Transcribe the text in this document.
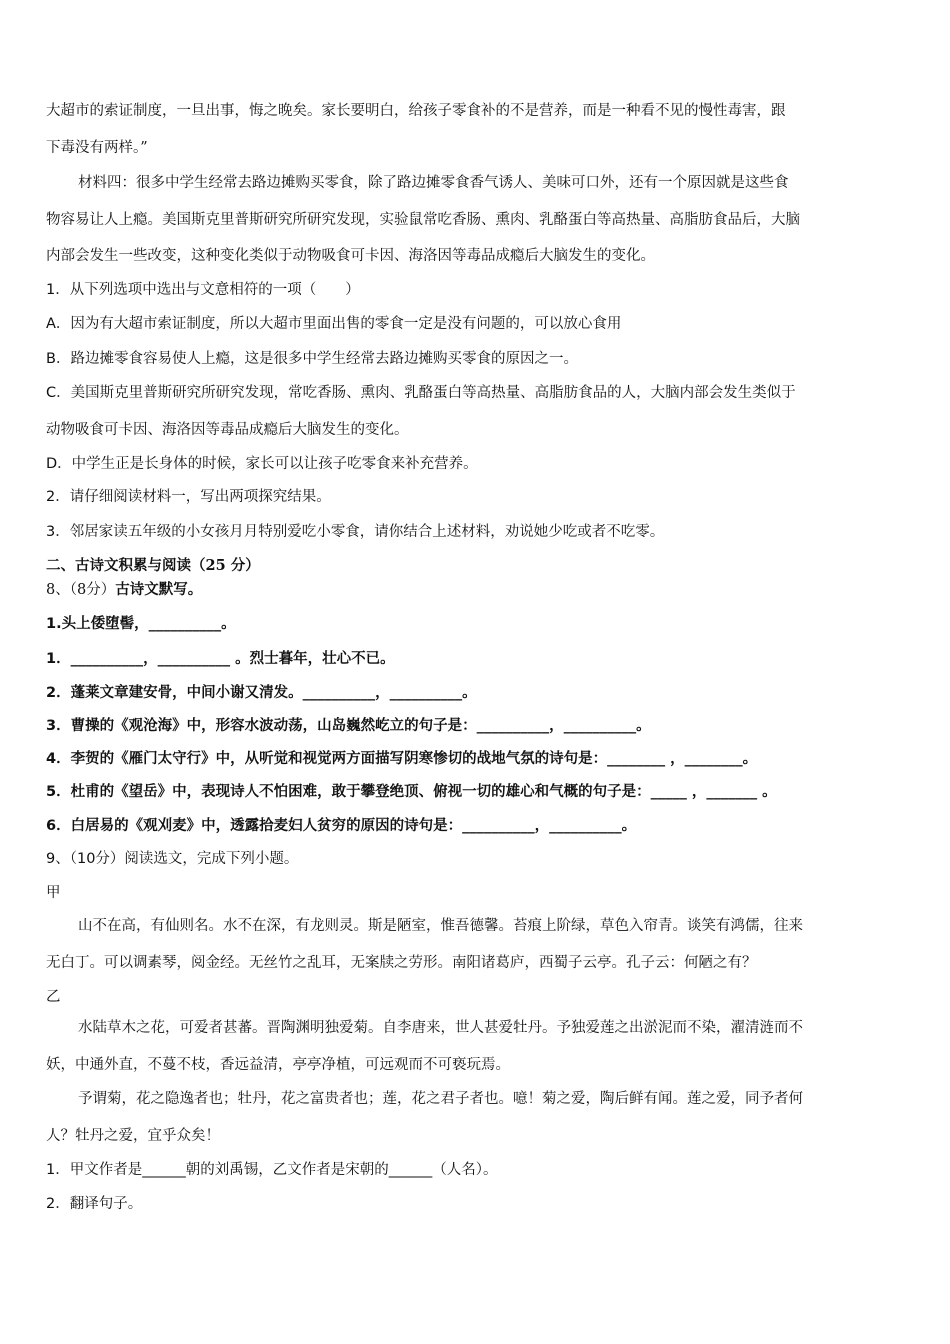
大超市的索证制度，一旦出事，悔之晚矣。家长要明白，给孩子零食补的不是营养，而是一种看不见的慢性毒害，跟
下毒没有两样。”
材料四：很多中学生经常去路边摊购买零食，除了路边摊零食香气诱人、美味可口外，还有一个原因就是这些食
物容易让人上瘾。美国斯克里普斯研究所研究发现，实验鼠常吃香肠、熏肉、乳酪蛋白等高热量、高脂肪食品后，大脑
内部会发生一些改变，这种变化类似于动物吸食可卡因、海洛因等毒品成瘾后大脑发生的变化。
1．从下列选项中选出与文意相符的一项（　　）
A．因为有大超市索证制度，所以大超市里面出售的零食一定是没有问题的，可以放心食用
B．路边摊零食容易使人上瘾，这是很多中学生经常去路边摊购买零食的原因之一。
C．美国斯克里普斯研究所研究发现，常吃香肠、熏肉、乳酪蛋白等高热量、高脂肪食品的人，大脑内部会发生类似于
动物吸食可卡因、海洛因等毒品成瘾后大脑发生的变化。
D．中学生正是长身体的时候，家长可以让孩子吃零食来补充营养。
2．请仔细阅读材料一，写出两项探究结果。
3．邻居家读五年级的小女孩月月特别爱吃小零食，请你结合上述材料，劝说她少吃或者不吃零。
二、古诗文积累与阅读（25 分）
8、（8分）古诗文默写。
1.头上倭堕髻，__________。
1．__________，__________ 。烈士暮年，壮心不已。
2．蓬莱文章建安骨，中间小谢又清发。__________，__________。
3．曹操的《观沧海》中，形容水波动荡，山岛巍然屹立的句子是：__________，__________。
4．李贺的《雁门太守行》中，从听觉和视觉两方面描写阴寒惨切的战地气氛的诗句是：________ ，________。
5．杜甫的《望岳》中，表现诗人不怕困难，敢于攀登绝顶、俯视一切的雄心和气概的句子是：_____ ，_______ 。
6．白居易的《观刈麦》中，透露拾麦妇人贫穷的原因的诗句是：__________，__________。
9、（10分）阅读选文，完成下列小题。
甲
山不在高，有仙则名。水不在深，有龙则灵。斯是陋室，惟吾德馨。苔痕上阶绿，草色入帘青。谈笑有鸿儒，往来
无白丁。可以调素琴，阅金经。无丝竹之乱耳，无案牍之劳形。南阳诸葛庐，西蜀子云亭。孔子云：何陋之有？
乙
水陆草木之花，可爱者甚蕃。晋陶渊明独爱菊。自李唐来，世人甚爱牡丹。予独爱莲之出淤泥而不染，濯清涟而不
妖，中通外直，不蔓不枝，香远益清，亭亭净植，可远观而不可亵玩焉。
予谓菊，花之隐逸者也；牡丹，花之富贵者也；莲，花之君子者也。噫！菊之爱，陶后鲜有闻。莲之爱，同予者何
人？牡丹之爱，宜乎众矣！
1．甲文作者是______朝的刘禹锡，乙文作者是宋朝的______（人名）。
2．翻译句子。
